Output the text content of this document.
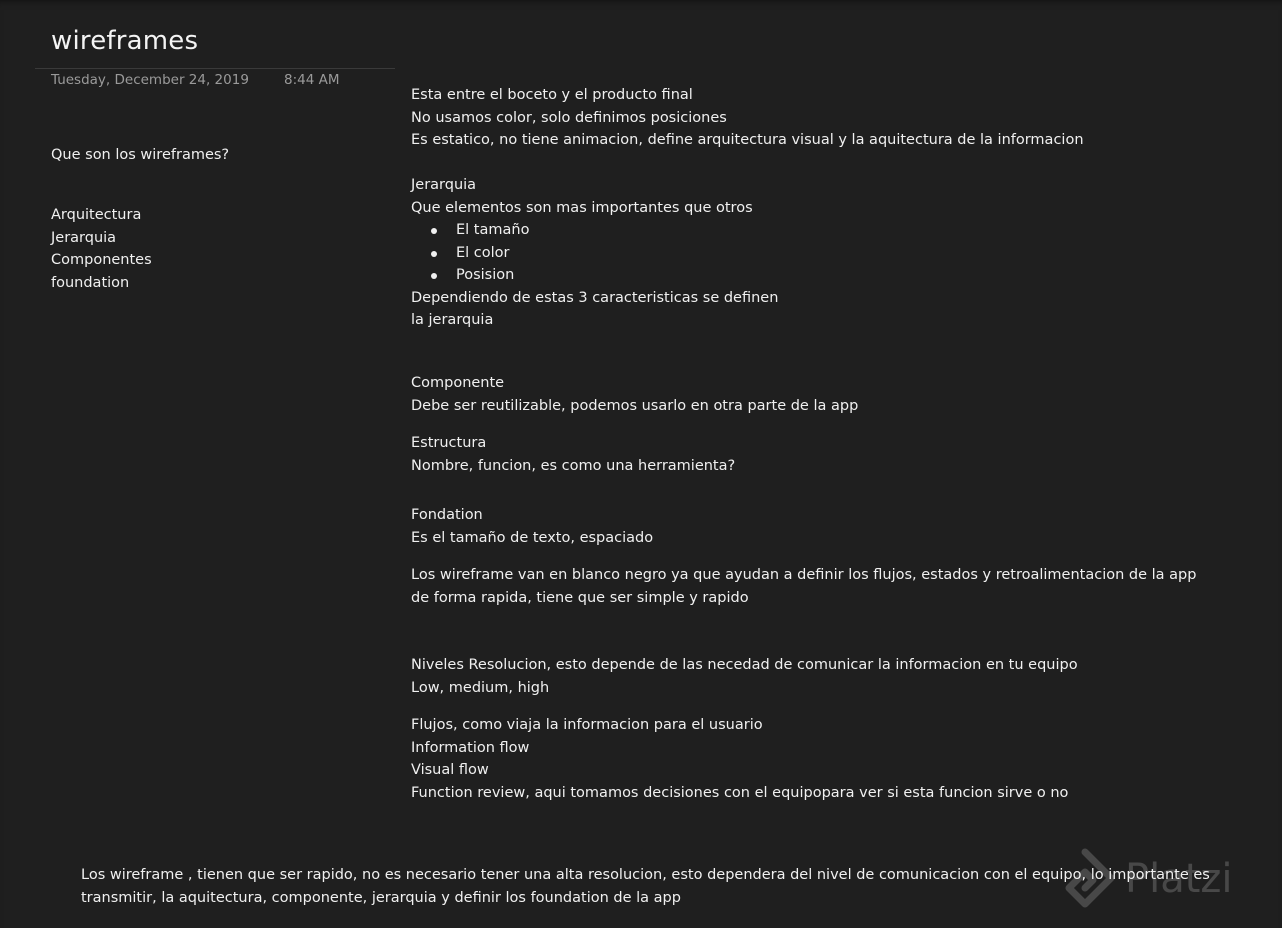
wireframes
Tuesday, December 24, 2019	8:44 AM
Que son los wireframes?
Arquitectura
Jerarquia
Componentes
foundation
Esta entre el boceto y el producto final
No usamos color, solo definimos posiciones
Es estatico, no tiene animacion, define arquitectura visual y la aquitectura de la informacion
Jerarquia
Que elementos son mas importantes que otros
El tamaño
El color
Posision
Dependiendo de estas 3 caracteristicas se definen
la jerarquia
Componente
Debe ser reutilizable, podemos usarlo en otra parte de la app
Estructura
Nombre, funcion, es como una herramienta?
Fondation
Es el tamaño de texto, espaciado
Los wireframe van en blanco negro ya que ayudan a definir los flujos, estados y retroalimentacion de la app de forma rapida, tiene que ser simple y rapido
Niveles Resolucion, esto depende de las necedad de comunicar la informacion en tu equipo
Low, medium, high
Flujos, como viaja la informacion para el usuario
Information flow
Visual flow
Function review, aqui tomamos decisiones con el equipopara ver si esta funcion sirve o no
Los wireframe , tienen que ser rapido, no es necesario tener una alta resolucion, esto dependera del nivel de comunicacion con el equipo, lo importante es transmitir, la aquitectura, componente, jerarquia y definir los foundation de la app	Platzi
